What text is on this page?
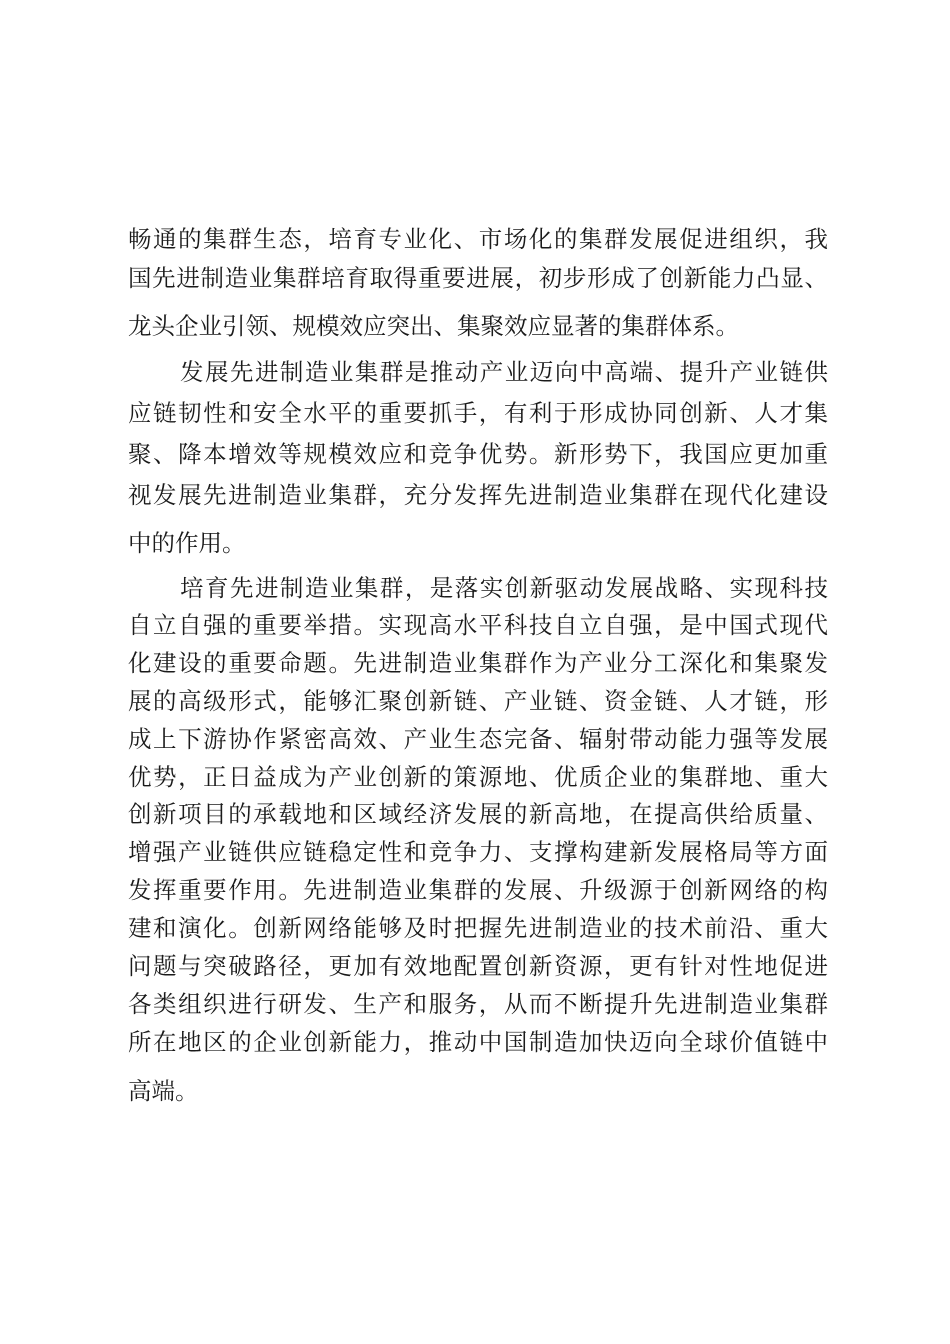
畅通的集群生态，培育专业化、市场化的集群发展促进组织，我
国先进制造业集群培育取得重要进展，初步形成了创新能力凸显、
龙头企业引领、规模效应突出、集聚效应显著的集群体系。
发展先进制造业集群是推动产业迈向中高端、提升产业链供
应链韧性和安全水平的重要抓手，有利于形成协同创新、人才集
聚、降本增效等规模效应和竞争优势。新形势下，我国应更加重
视发展先进制造业集群，充分发挥先进制造业集群在现代化建设
中的作用。
培育先进制造业集群，是落实创新驱动发展战略、实现科技
自立自强的重要举措。实现高水平科技自立自强，是中国式现代
化建设的重要命题。先进制造业集群作为产业分工深化和集聚发
展的高级形式，能够汇聚创新链、产业链、资金链、人才链，形
成上下游协作紧密高效、产业生态完备、辐射带动能力强等发展
优势，正日益成为产业创新的策源地、优质企业的集群地、重大
创新项目的承载地和区域经济发展的新高地，在提高供给质量、
增强产业链供应链稳定性和竞争力、支撑构建新发展格局等方面
发挥重要作用。先进制造业集群的发展、升级源于创新网络的构
建和演化。创新网络能够及时把握先进制造业的技术前沿、重大
问题与突破路径，更加有效地配置创新资源，更有针对性地促进
各类组织进行研发、生产和服务，从而不断提升先进制造业集群
所在地区的企业创新能力，推动中国制造加快迈向全球价值链中
高端。
